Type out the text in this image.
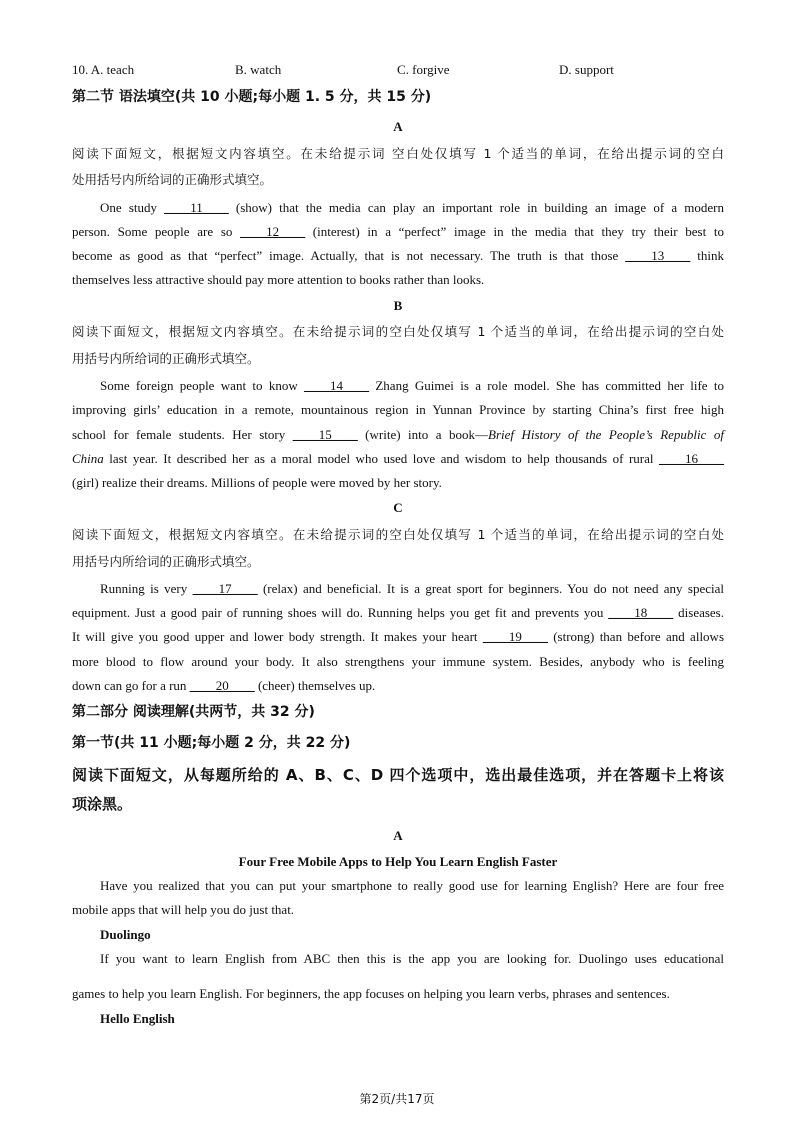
10. A. teach	B. watch	C. forgive	D. support
第二节 语法填空(共 10 小题;每小题 1. 5 分，共 15 分)
A
阅读下面短文，根据短文内容填空。在未给提示词 空白处仅填写 1 个适当的单词，在给出提示词的空白
处用括号内所给词的正确形式填空。
One study ____11____ (show) that the media can play an important role in building an image of a modern
person. Some people are so ____12____ (interest) in a “perfect” image in the media that they try their best to
become as good as that “perfect” image. Actually, that is not necessary. The truth is that those ____13____ think
themselves less attractive should pay more attention to books rather than looks.
B
阅读下面短文，根据短文内容填空。在未给提示词的空白处仅填写 1 个适当的单词，在给出提示词的空白处
用括号内所给词的正确形式填空。
Some foreign people want to know ____14____ Zhang Guimei is a role model. She has committed her life to
improving girls’ education in a remote, mountainous region in Yunnan Province by starting China’s first free high
school for female students. Her story ____15____ (write) into a book—Brief History of the People’s Republic of
China last year. It described her as a moral model who used love and wisdom to help thousands of rural ____16____
(girl) realize their dreams. Millions of people were moved by her story.
C
阅读下面短文，根据短文内容填空。在未给提示词的空白处仅填写 1 个适当的单词，在给出提示词的空白处
用括号内所给词的正确形式填空。
Running is very ____17____ (relax) and beneficial. It is a great sport for beginners. You do not need any special
equipment. Just a good pair of running shoes will do. Running helps you get fit and prevents you ____18____ diseases.
It will give you good upper and lower body strength. It makes your heart ____19____ (strong) than before and allows
more blood to flow around your body. It also strengthens your immune system. Besides, anybody who is feeling
down can go for a run ____20____ (cheer) themselves up.
第二部分 阅读理解(共两节，共 32 分)
第一节(共 11 小题;每小题 2 分，共 22 分)
阅读下面短文，从每题所给的 A、B、C、D 四个选项中，选出最佳选项，并在答题卡上将该
项涂黑。
A
Four Free Mobile Apps to Help You Learn English Faster
Have you realized that you can put your smartphone to really good use for learning English? Here are four free
mobile apps that will help you do just that.
Duolingo
If you want to learn English from ABC then this is the app you are looking for. Duolingo uses educational
games to help you learn English. For beginners, the app focuses on helping you learn verbs, phrases and sentences.
Hello English
第2页/共17页
